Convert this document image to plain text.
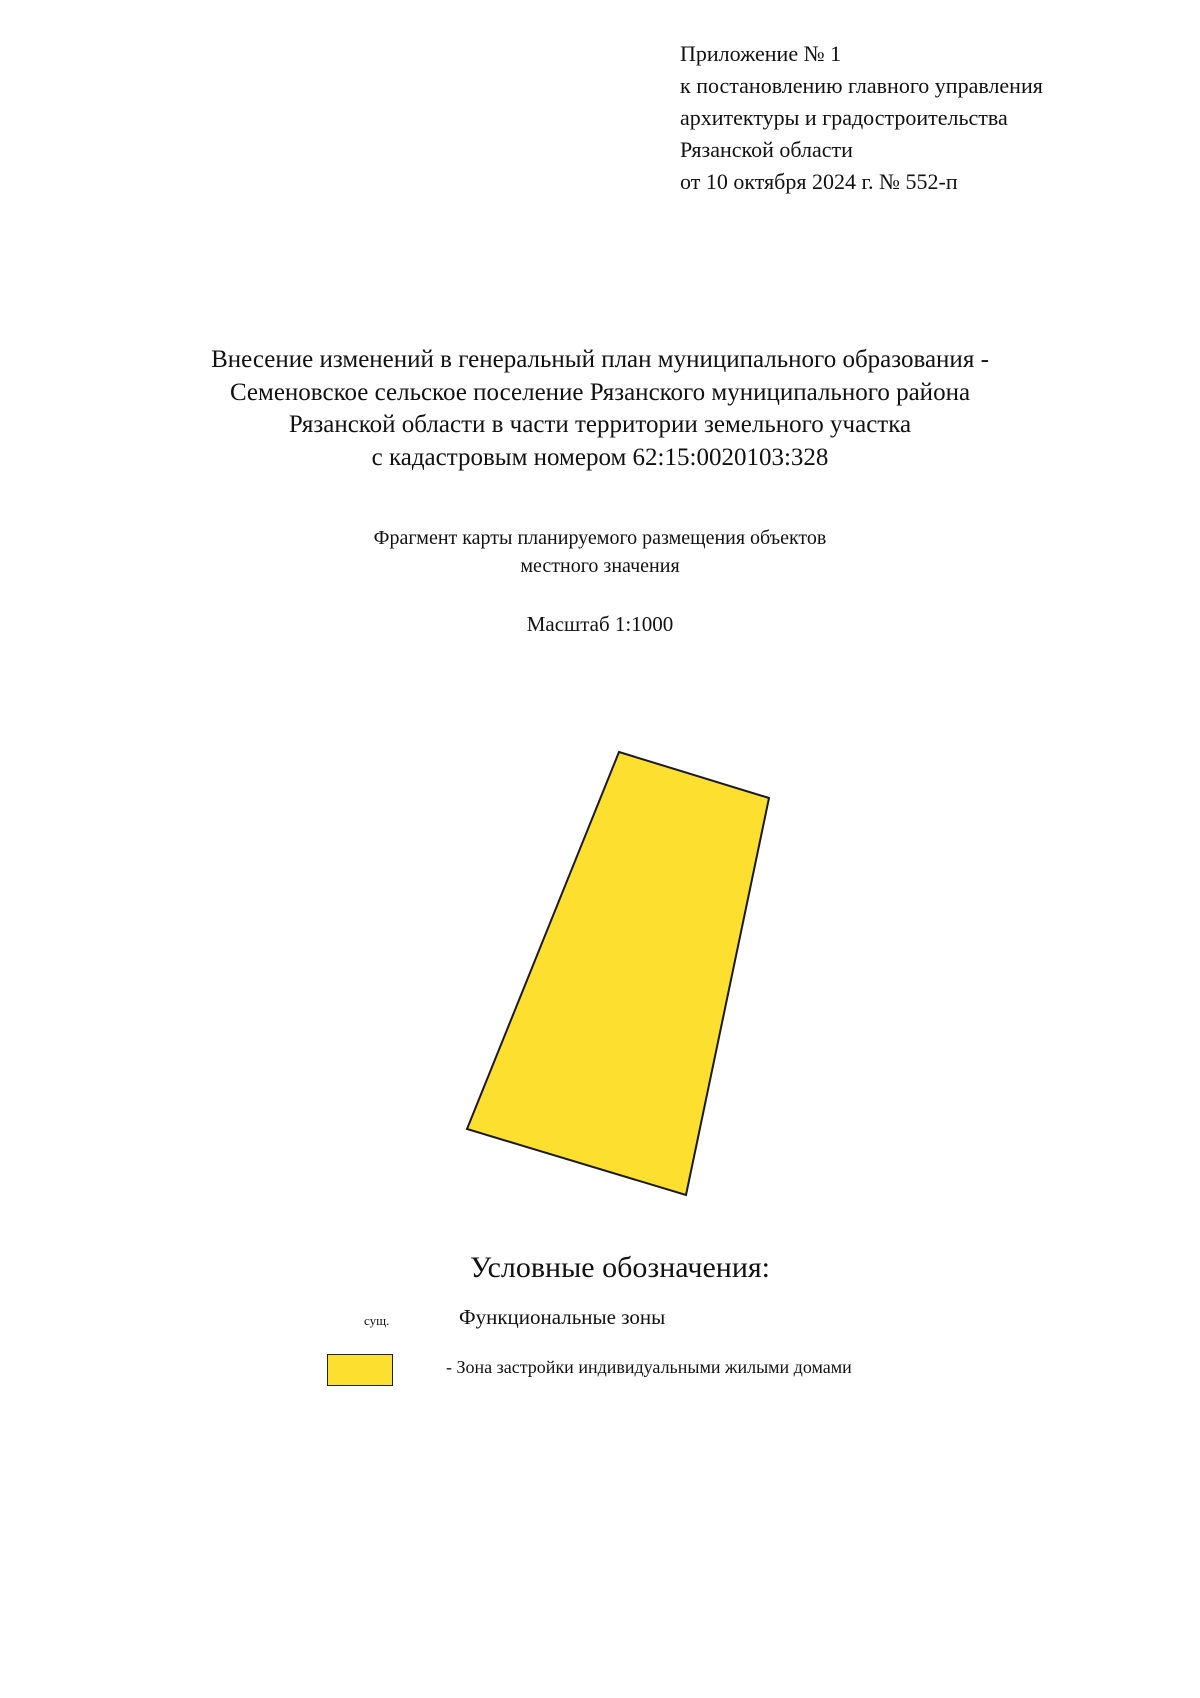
Приложение № 1
к постановлению главного управления
архитектуры и градостроительства
Рязанской области
от 10 октября 2024 г. № 552-п
Внесение изменений в генеральный план муниципального образования -
Семеновское сельское поселение Рязанского муниципального района
Рязанской области в части территории земельного участка
с кадастровым номером 62:15:0020103:328
Фрагмент карты планируемого размещения объектов
местного значения
Масштаб 1:1000
Условные обозначения:
сущ.	Функциональные зоны
- Зона застройки индивидуальными жилыми домами
